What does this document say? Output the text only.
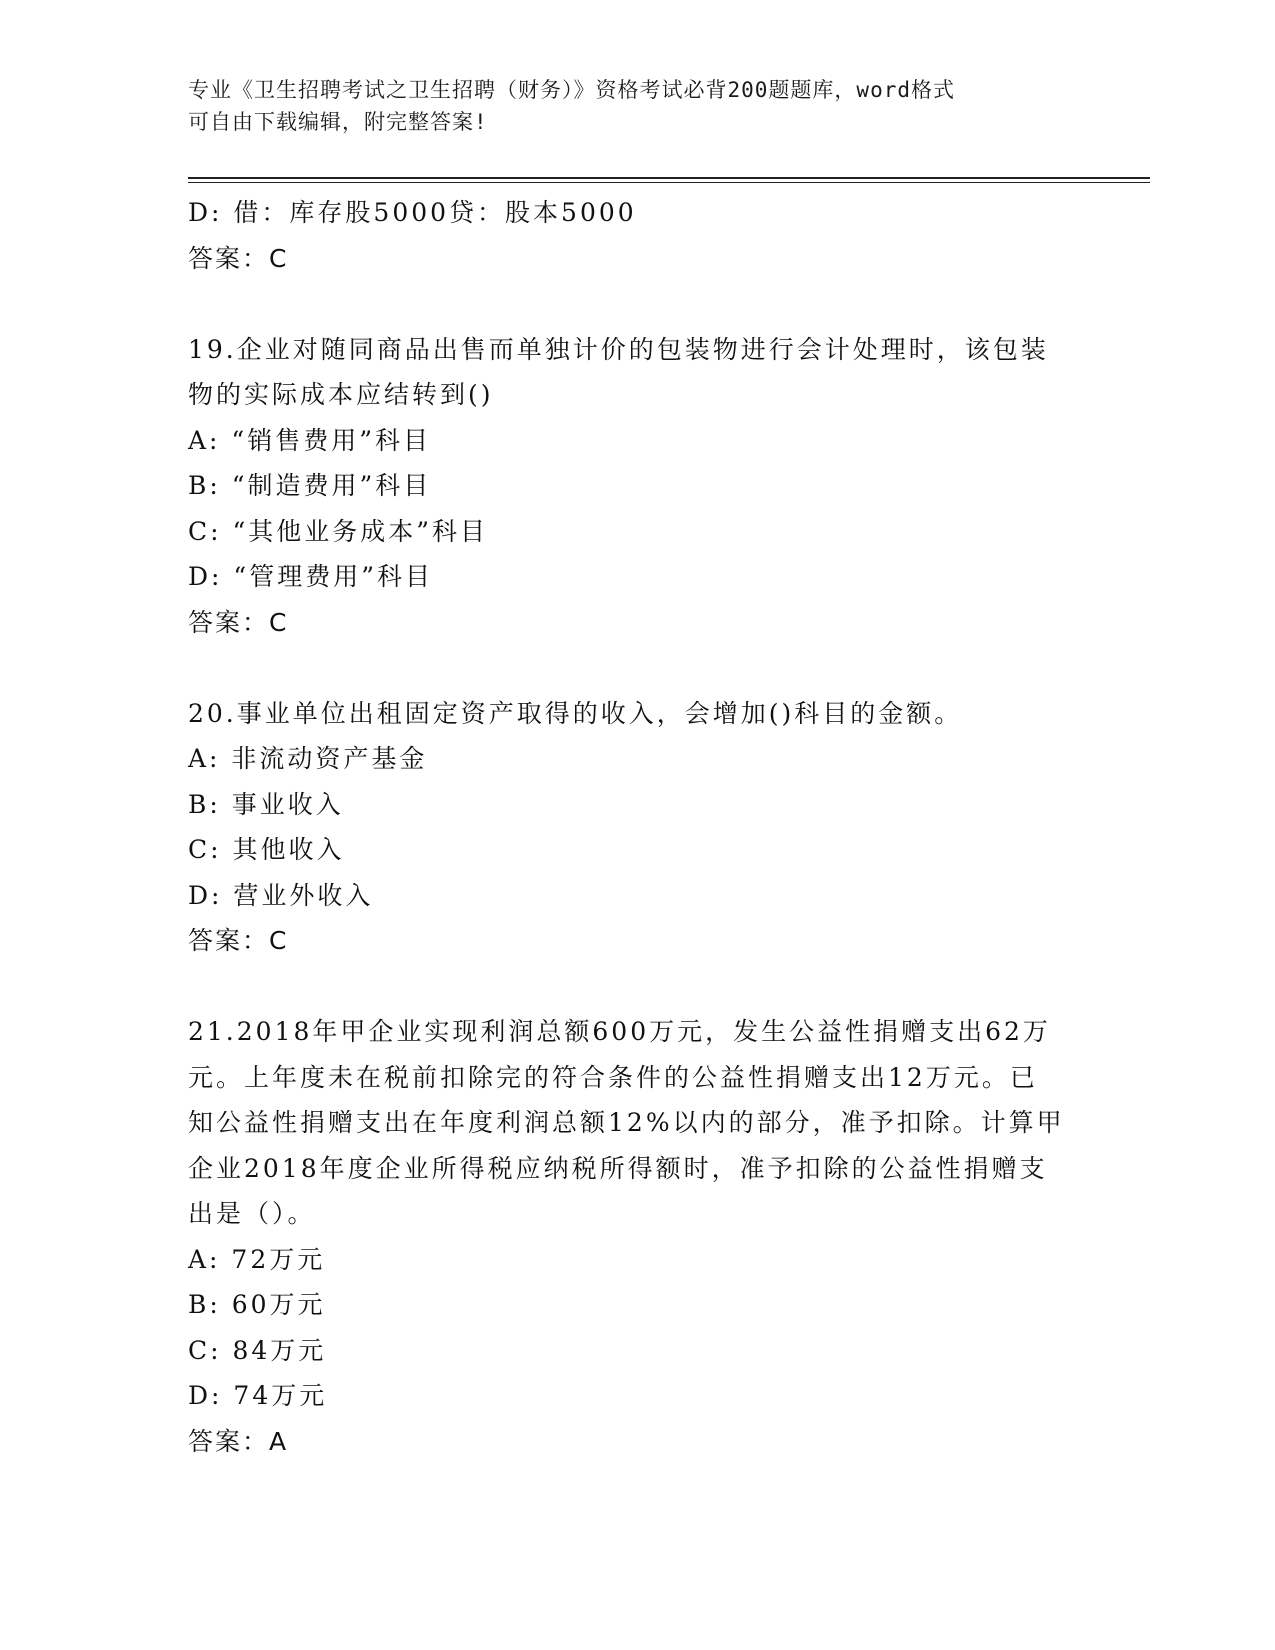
专业《卫生招聘考试之卫生招聘（财务）》资格考试必背200题题库，word格式
可自由下载编辑，附完整答案!
D: 借：库存股5000贷：股本5000
答案：C
19.企业对随同商品出售而单独计价的包装物进行会计处理时，该包装
物的实际成本应结转到()
A: “销售费用”科目
B: “制造费用”科目
C: “其他业务成本”科目
D: “管理费用”科目
答案：C
20.事业单位出租固定资产取得的收入，会增加()科目的金额。
A: 非流动资产基金
B: 事业收入
C: 其他收入
D: 营业外收入
答案：C
21.2018年甲企业实现利润总额600万元，发生公益性捐赠支出62万
元。上年度未在税前扣除完的符合条件的公益性捐赠支出12万元。已
知公益性捐赠支出在年度利润总额12%以内的部分，准予扣除。计算甲
企业2018年度企业所得税应纳税所得额时，准予扣除的公益性捐赠支
出是（）。
A: 72万元
B: 60万元
C: 84万元
D: 74万元
答案：A
